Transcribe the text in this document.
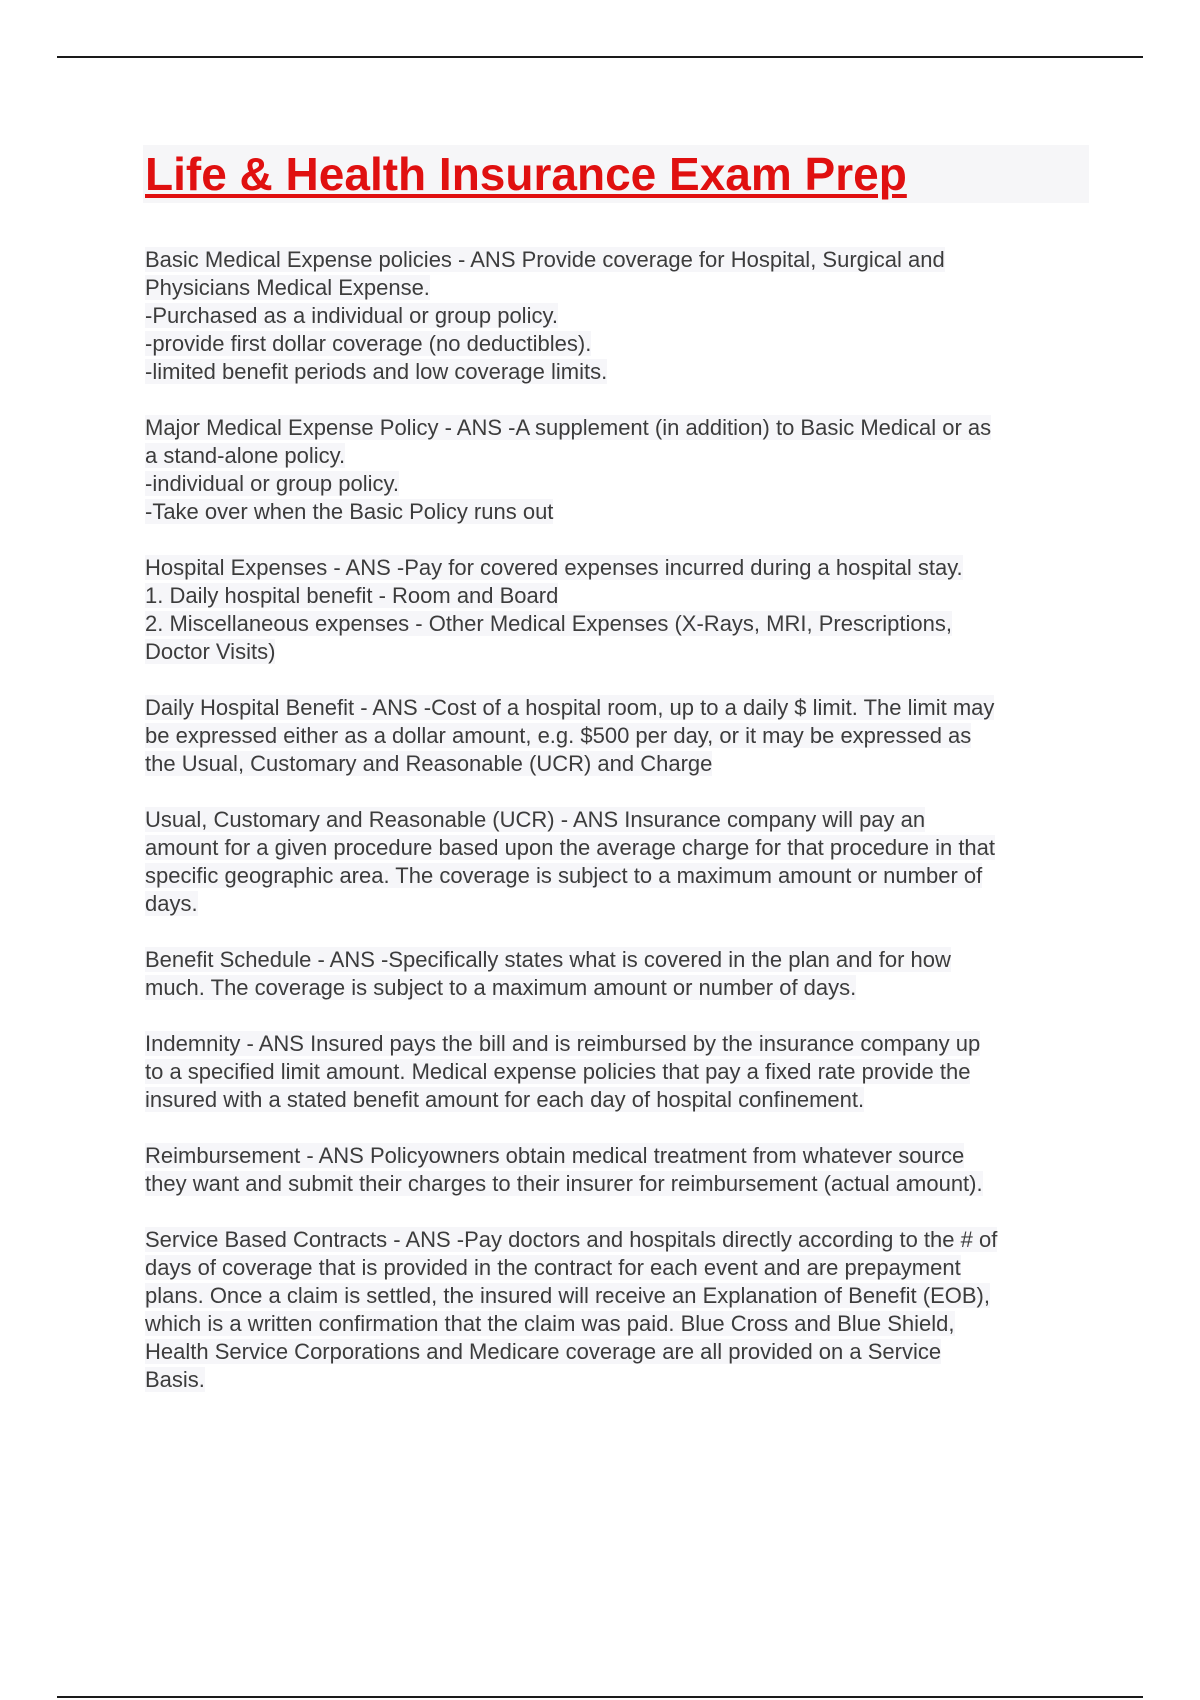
Life & Health Insurance Exam Prep

Basic Medical Expense policies - ANS Provide coverage for Hospital, Surgical and
Physicians Medical Expense.
-Purchased as a individual or group policy.
-provide first dollar coverage (no deductibles).
-limited benefit periods and low coverage limits.

Major Medical Expense Policy - ANS -A supplement (in addition) to Basic Medical or as
a stand-alone policy.
-individual or group policy.
-Take over when the Basic Policy runs out

Hospital Expenses - ANS -Pay for covered expenses incurred during a hospital stay.
1. Daily hospital benefit - Room and Board
2. Miscellaneous expenses - Other Medical Expenses (X-Rays, MRI, Prescriptions,
Doctor Visits)

Daily Hospital Benefit - ANS -Cost of a hospital room, up to a daily $ limit. The limit may
be expressed either as a dollar amount, e.g. $500 per day, or it may be expressed as
the Usual, Customary and Reasonable (UCR) and Charge

Usual, Customary and Reasonable (UCR) - ANS Insurance company will pay an
amount for a given procedure based upon the average charge for that procedure in that
specific geographic area. The coverage is subject to a maximum amount or number of
days.

Benefit Schedule - ANS -Specifically states what is covered in the plan and for how
much. The coverage is subject to a maximum amount or number of days.

Indemnity - ANS Insured pays the bill and is reimbursed by the insurance company up
to a specified limit amount. Medical expense policies that pay a fixed rate provide the
insured with a stated benefit amount for each day of hospital confinement.

Reimbursement - ANS Policyowners obtain medical treatment from whatever source
they want and submit their charges to their insurer for reimbursement (actual amount).

Service Based Contracts - ANS -Pay doctors and hospitals directly according to the # of
days of coverage that is provided in the contract for each event and are prepayment
plans. Once a claim is settled, the insured will receive an Explanation of Benefit (EOB),
which is a written confirmation that the claim was paid. Blue Cross and Blue Shield,
Health Service Corporations and Medicare coverage are all provided on a Service
Basis.
